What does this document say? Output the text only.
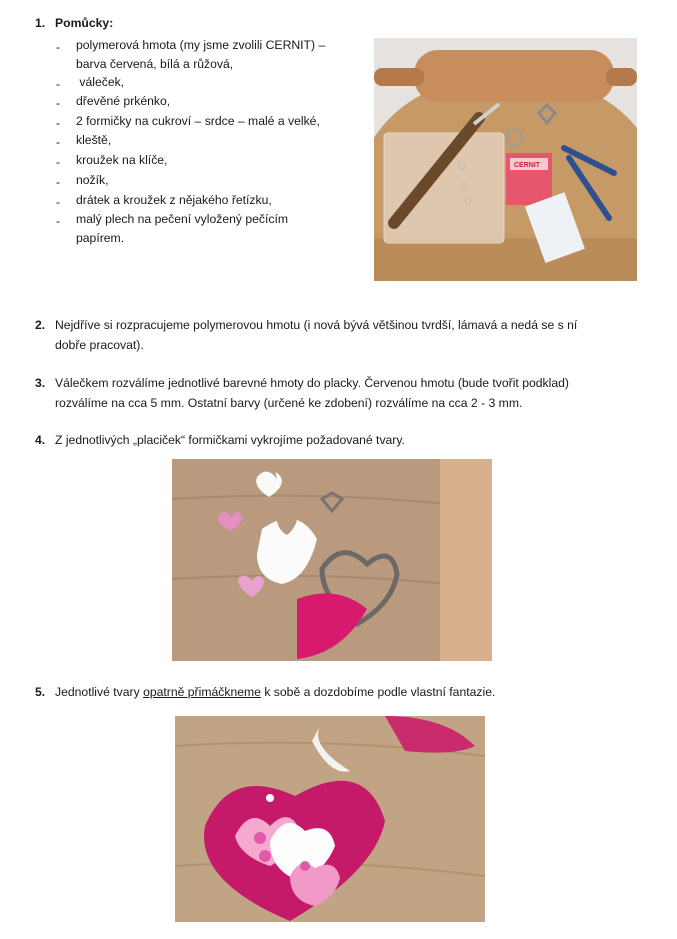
1. Pomůcky:
- polymerová hmota (my jsme zvolili CERNIT) –
barva červená, bílá a růžová,
- váleček,
- dřevěné prkénko,
- 2 formičky na cukroví – srdce – malé a velké,
- kleště,
- kroužek na klíče,
- nožík,
- drátek a kroužek z nějakého řetízku,
- malý plech na pečení vyložený pečícím
papírem.
CERNIT
2. Nejdříve si rozpracujeme polymerovou hmotu (i nová bývá většinou tvrdší, lámavá a nedá se s ní
dobře pracovat).
3. Válečkem rozválíme jednotlivé barevné hmoty do placky. Červenou hmotu (bude tvořit podklad)
rozválíme na cca 5 mm. Ostatní barvy (určené ke zdobení) rozválíme na cca 2 - 3 mm.
4. Z jednotlivých „placiček“ formičkami vykrojíme požadované tvary.
5. Jednotlivé tvary opatrně přimáčkneme k sobě a dozdobíme podle vlastní fantazie.
